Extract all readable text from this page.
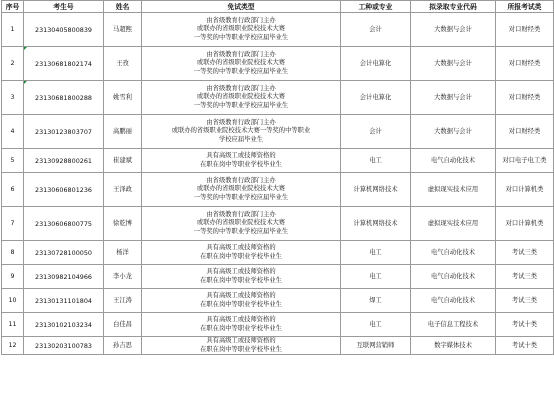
序号	考生号	姓名	免试类型	工种或专业	拟录取专业代码	所报考试类
1	23130405800839	马超熙	由省级教育行政部门主办
或联办的省级职业院校技术大赛
一等奖的中等职业学校应届毕业生	会计	大数据与会计	对口财经类
2	23130681802174	王孜	由省级教育行政部门主办
或联办的省级职业院校技术大赛
一等奖的中等职业学校应届毕业生	会计电算化	大数据与会计	对口财经类
3	23130681800288	姚雪利	由省级教育行政部门主办
或联办的省级职业院校技术大赛
一等奖的中等职业学校应届毕业生	会计电算化	大数据与会计	对口财经类
4	23130123803707	高鹏丽	由省级教育行政部门主办
或联办的省级职业院校技术大赛一等奖的中等职业
学校应届毕业生	会计	大数据与会计	对口财经类
5	23130928800261	崔建斌	具有高级工或技师资格的
在职在岗中等职业学校毕业生	电工	电气自动化技术	对口电子电工类
6	23130606801236	王泽政	由省级教育行政部门主办
或联办的省级职业院校技术大赛
一等奖的中等职业学校应届毕业生	计算机网络技术	虚拟现实技术应用	对口计算机类
7	23130606800775	徐乾博	由省级教育行政部门主办
或联办的省级职业院校技术大赛
一等奖的中等职业学校应届毕业生	计算机网络技术	虚拟现实技术应用	对口计算机类
8	23130728100050	杨洋	具有高级工或技师资格的
在职在岗中等职业学校毕业生	电工	电气自动化技术	考试三类
9	23130982104966	李小龙	具有高级工或技师资格的
在职在岗中等职业学校毕业生	电工	电气自动化技术	考试三类
10	23130131101804	王江涛	具有高级工或技师资格的
在职在岗中等职业学校毕业生	焊工	电气自动化技术	考试三类
11	23130102103234	白佳昌	具有高级工或技师资格的
在职在岗中等职业学校毕业生	电工	电子信息工程技术	考试十类
12	23130203100783	孙吉思	具有高级工或技师资格的
在职在岗中等职业学校毕业生	互联网营销师	数字媒体技术	考试十类
